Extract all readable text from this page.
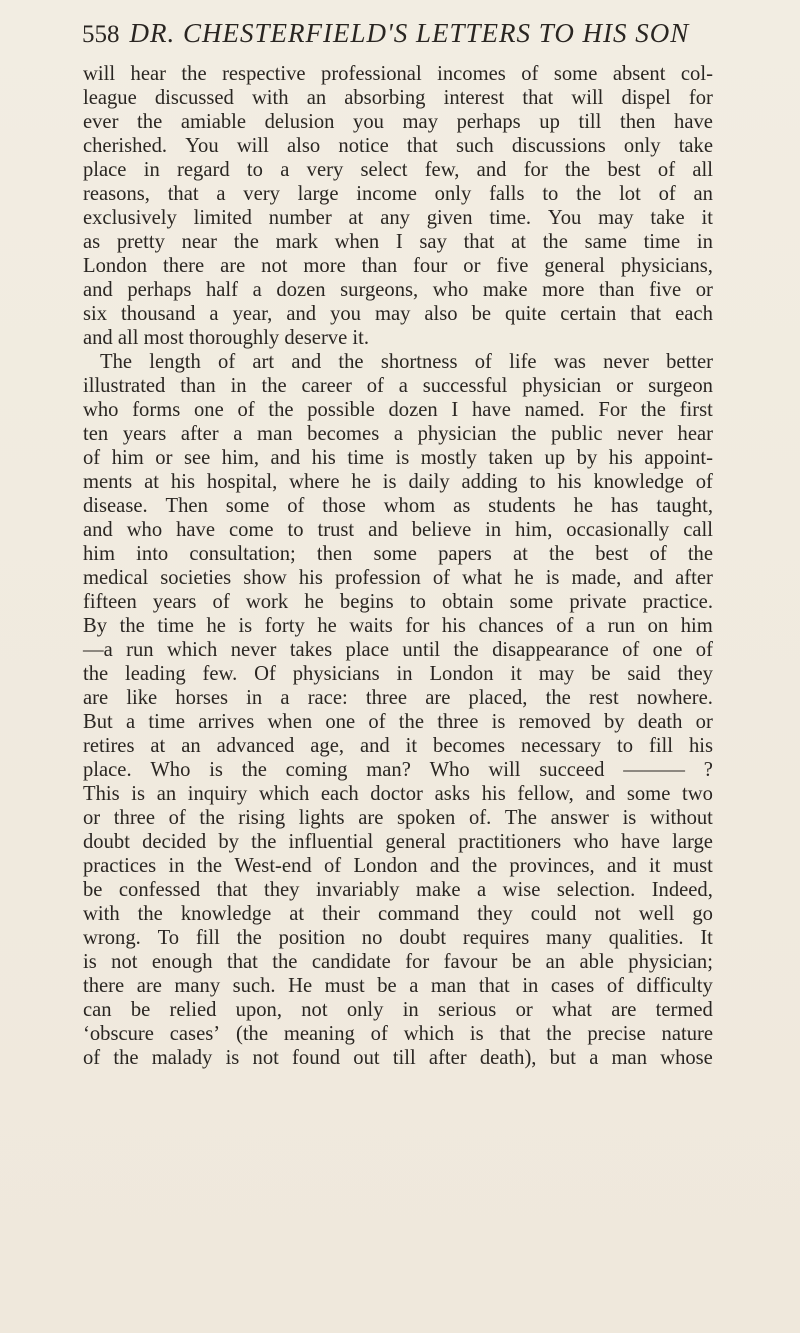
558 DR. CHESTERFIELD'S LETTERS TO HIS SON
will hear the respective professional incomes of some absent col-
league discussed with an absorbing interest that will dispel for
ever the amiable delusion you may perhaps up till then have
cherished. You will also notice that such discussions only take
place in regard to a very select few, and for the best of all
reasons, that a very large income only falls to the lot of an
exclusively limited number at any given time. You may take it
as pretty near the mark when I say that at the same time in
London there are not more than four or five general physicians,
and perhaps half a dozen surgeons, who make more than five or
six thousand a year, and you may also be quite certain that each
and all most thoroughly deserve it.
The length of art and the shortness of life was never better
illustrated than in the career of a successful physician or surgeon
who forms one of the possible dozen I have named. For the first
ten years after a man becomes a physician the public never hear
of him or see him, and his time is mostly taken up by his appoint-
ments at his hospital, where he is daily adding to his knowledge of
disease. Then some of those whom as students he has taught,
and who have come to trust and believe in him, occasionally call
him into consultation; then some papers at the best of the
medical societies show his profession of what he is made, and after
fifteen years of work he begins to obtain some private practice.
By the time he is forty he waits for his chances of a run on him
—a run which never takes place until the disappearance of one of
the leading few. Of physicians in London it may be said they
are like horses in a race: three are placed, the rest nowhere.
But a time arrives when one of the three is removed by death or
retires at an advanced age, and it becomes necessary to fill his
place. Who is the coming man? Who will succeed ——— ?
This is an inquiry which each doctor asks his fellow, and some two
or three of the rising lights are spoken of. The answer is without
doubt decided by the influential general practitioners who have large
practices in the West-end of London and the provinces, and it must
be confessed that they invariably make a wise selection. Indeed,
with the knowledge at their command they could not well go
wrong. To fill the position no doubt requires many qualities. It
is not enough that the candidate for favour be an able physician;
there are many such. He must be a man that in cases of difficulty
can be relied upon, not only in serious or what are termed
‘obscure cases’ (the meaning of which is that the precise nature
of the malady is not found out till after death), but a man whose
